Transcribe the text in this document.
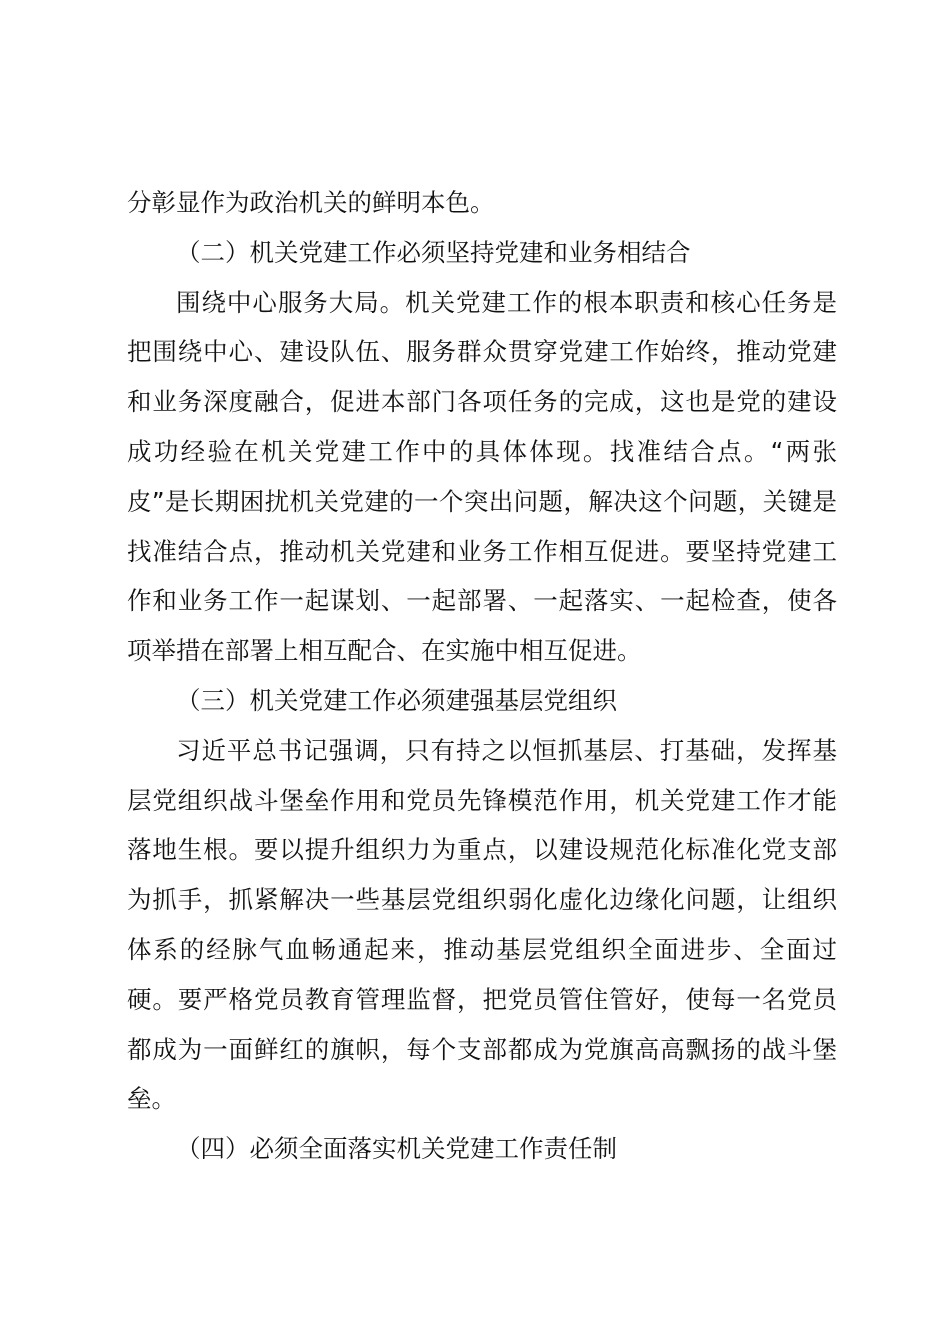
分彰显作为政治机关的鲜明本色。

（二）机关党建工作必须坚持党建和业务相结合

围绕中心服务大局。机关党建工作的根本职责和核心任务是把围绕中心、建设队伍、服务群众贯穿党建工作始终，推动党建和业务深度融合，促进本部门各项任务的完成，这也是党的建设成功经验在机关党建工作中的具体体现。找准结合点。“两张皮”是长期困扰机关党建的一个突出问题，解决这个问题，关键是找准结合点，推动机关党建和业务工作相互促进。要坚持党建工作和业务工作一起谋划、一起部署、一起落实、一起检查，使各项举措在部署上相互配合、在实施中相互促进。

（三）机关党建工作必须建强基层党组织

习近平总书记强调，只有持之以恒抓基层、打基础，发挥基层党组织战斗堡垒作用和党员先锋模范作用，机关党建工作才能落地生根。要以提升组织力为重点，以建设规范化标准化党支部为抓手，抓紧解决一些基层党组织弱化虚化边缘化问题，让组织体系的经脉气血畅通起来，推动基层党组织全面进步、全面过硬。要严格党员教育管理监督，把党员管住管好，使每一名党员都成为一面鲜红的旗帜，每个支部都成为党旗高高飘扬的战斗堡垒。

（四）必须全面落实机关党建工作责任制
